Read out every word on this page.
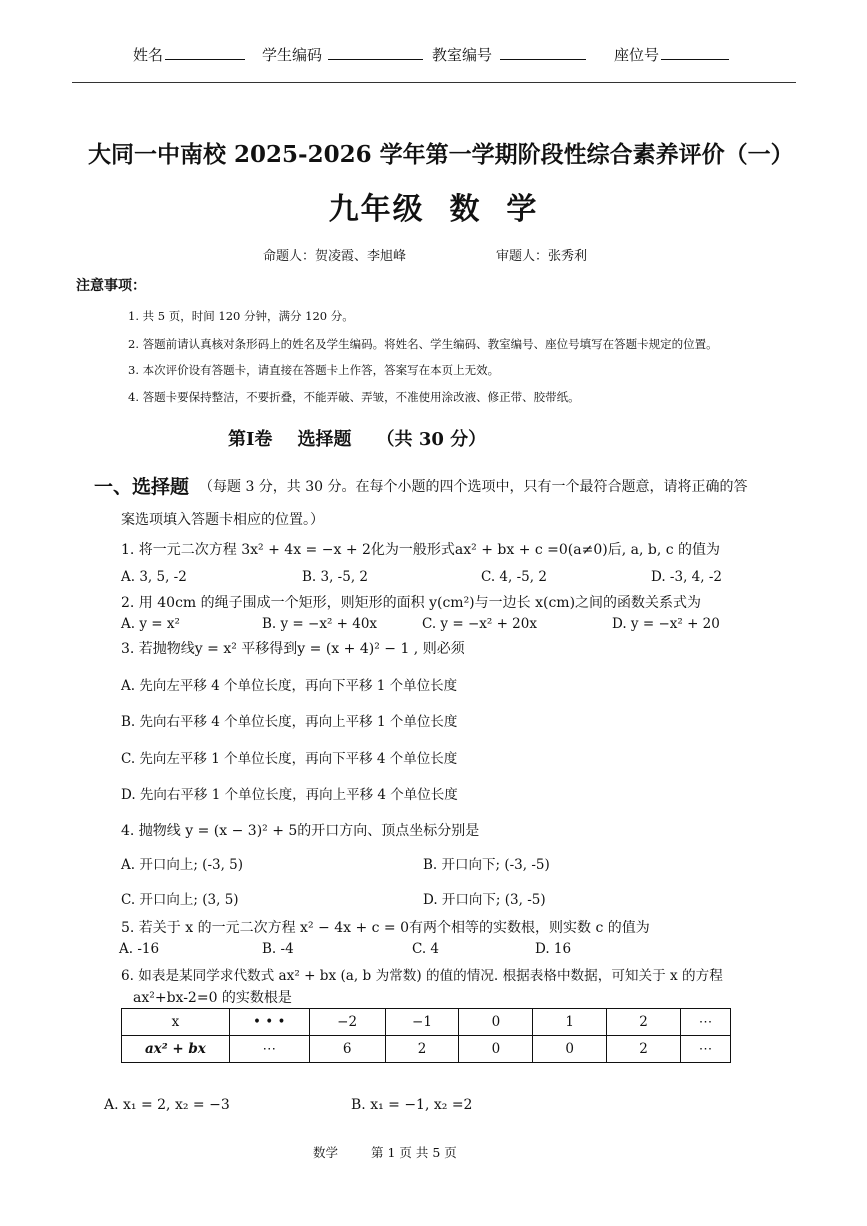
姓名	学生编码	教室编号	座位号
大同一中南校 2025-2026 学年第一学期阶段性综合素养评价（一）
九年级  数  学
命题人：贺凌霞、李旭峰	审题人：张秀利
注意事项：
1. 共 5 页，时间 120 分钟，满分 120 分。
2. 答题前请认真核对条形码上的姓名及学生编码。将姓名、学生编码、教室编号、座位号填写在答题卡规定的位置。
3. 本次评价设有答题卡，请直接在答题卡上作答，答案写在本页上无效。
4. 答题卡要保持整洁，不要折叠，不能弄破、弄皱，不准使用涂改液、修正带、胶带纸。
第Ⅰ卷    选择题    （共 30 分）
一、选择题 （每题 3 分，共 30 分。在每个小题的四个选项中，只有一个最符合题意，请将正确的答
案选项填入答题卡相应的位置。）
1. 将一元二次方程 3x² + 4x = −x + 2化为一般形式ax² + bx + c =0(a≠0)后, a, b, c 的值为
A. 3, 5, -2	B. 3, -5, 2	C. 4, -5, 2	D. -3, 4, -2
2. 用 40cm 的绳子围成一个矩形，则矩形的面积 y(cm²)与一边长 x(cm)之间的函数关系式为
A. y = x²	B. y = −x² + 40x	C. y = −x² + 20x	D. y = −x² + 20
3. 若抛物线y = x² 平移得到y = (x + 4)² − 1 , 则必须
A. 先向左平移 4 个单位长度，再向下平移 1 个单位长度
B. 先向右平移 4 个单位长度，再向上平移 1 个单位长度
C. 先向左平移 1 个单位长度，再向下平移 4 个单位长度
D. 先向右平移 1 个单位长度，再向上平移 4 个单位长度
4. 抛物线 y = (x − 3)² + 5的开口方向、顶点坐标分别是
A. 开口向上; (-3, 5)	B. 开口向下; (-3, -5)
C. 开口向上; (3, 5)	D. 开口向下; (3, -5)
5. 若关于 x 的一元二次方程 x² − 4x + c = 0有两个相等的实数根，则实数 c 的值为
A. -16	B. -4	C. 4	D. 16
6. 如表是某同学求代数式 ax² + bx (a, b 为常数) 的值的情况. 根据表格中数据，可知关于 x 的方程
ax²+bx-2=0 的实数根是
x	• • •	−2	−1	0	1	2	⋯
ax² + bx	⋯	6	2	0	0	2	⋯
A. x₁ = 2, x₂ = −3	B. x₁ = −1, x₂ =2
数学	第 1 页 共 5 页
